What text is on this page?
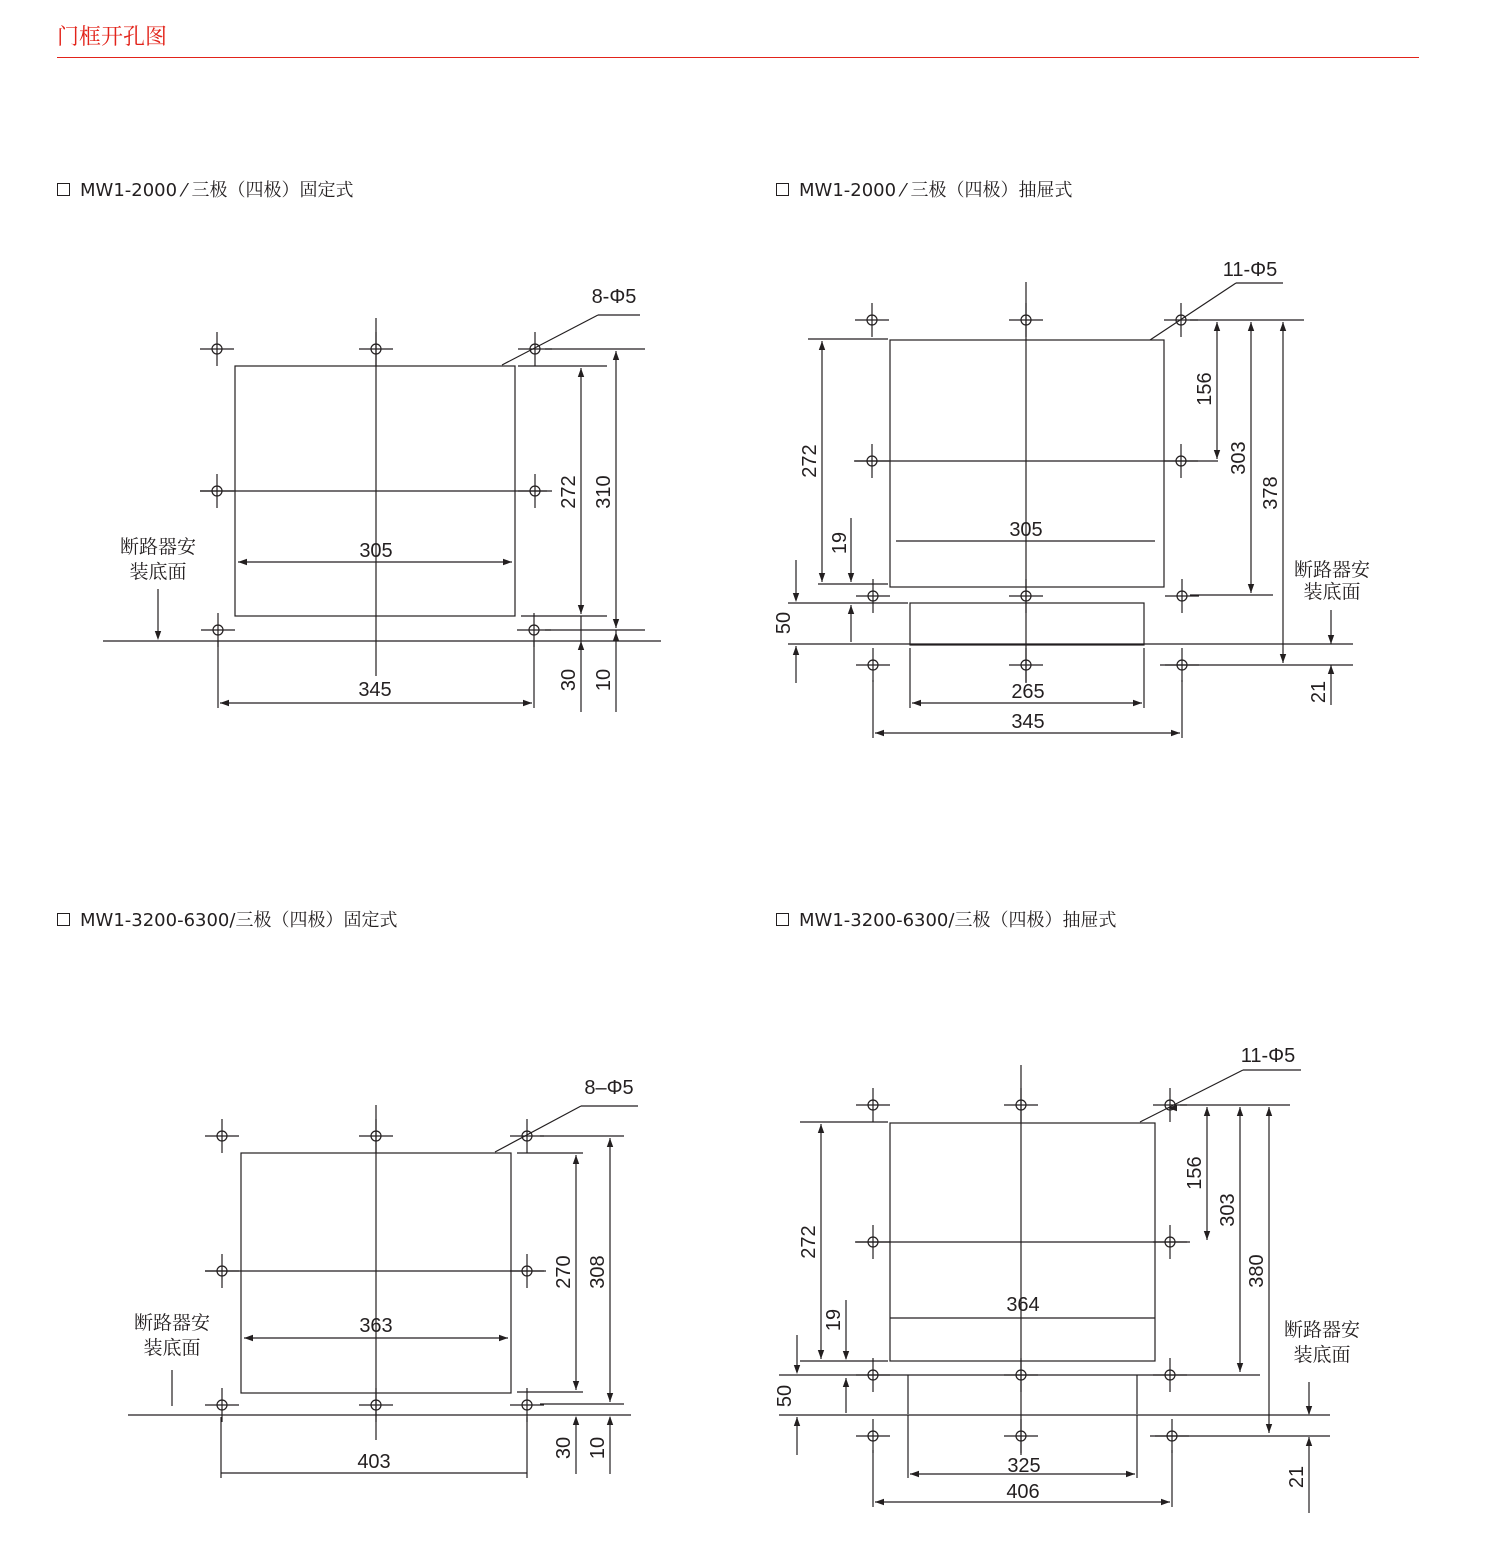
门框开孔图
MW1-2000 ⁄ 三极（四极）固定式	MW1-2000 ⁄ 三极（四极）抽屉式
MW1-3200-6300/三极（四极）固定式	MW1-3200-6300/三极（四极）抽屉式
8-Φ5
272 310
30 10
305
345
断路器安
装底面
11-Φ5
272
19
50
156
303
378
21
断路器安
装底面
305
265
345
8–Φ5
270 308
30 10
363
403
断路器安
装底面
11-Φ5
272
19
50
156
303
380
21
断路器安
装底面
364
325
406
